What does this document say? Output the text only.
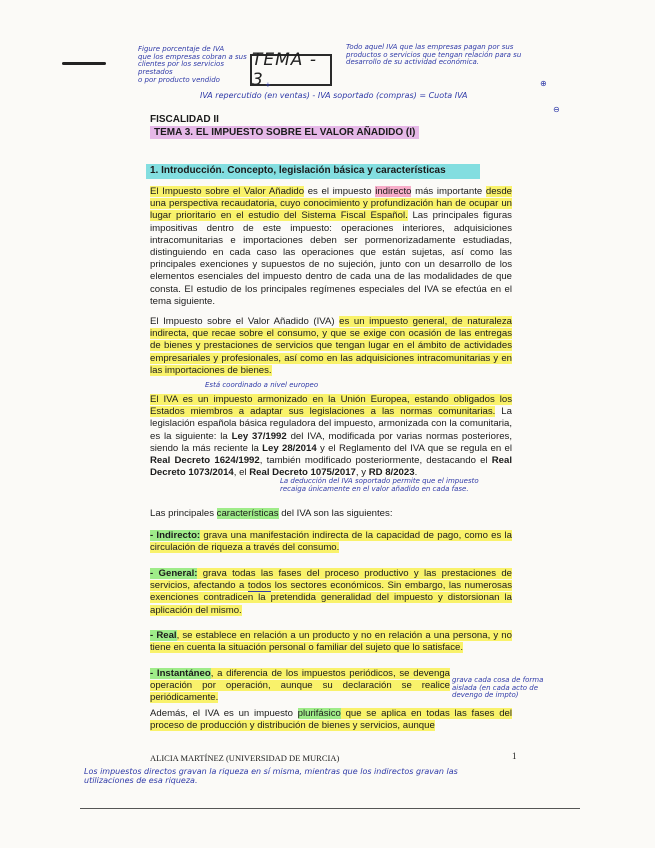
Figure porcentaje de IVA
que los empresas cobran a sus
clientes por los servicios prestados
o por producto vendido
TEMA - 3
Todo aquel IVA que las empresas pagan por sus
productos o servicios que tengan relación para su
desarrollo de su actividad económica.
+
IVA repercutido (en ventas) - IVA soportado (compras) = Cuota IVA
⊕
⊖
FISCALIDAD II
TEMA 3. EL IMPUESTO SOBRE EL VALOR AÑADIDO (I)
1. Introducción. Concepto, legislación básica y características

El Impuesto sobre el Valor Añadido es el impuesto indirecto más importante desde una perspectiva recaudatoria, cuyo conocimiento y profundización han de ocupar un lugar prioritario en el estudio del Sistema Fiscal Español. Las principales figuras impositivas dentro de este impuesto: operaciones interiores, adquisiciones intracomunitarias e importaciones deben ser pormenorizadamente estudiadas, distinguiendo en cada caso las operaciones que están sujetas, así como las principales exenciones y supuestos de no sujeción, junto con un desarrollo de los elementos esenciales del impuesto dentro de cada una de las modalidades de que consta. El estudio de los principales regímenes especiales del IVA se efectúa en el tema siguiente.

El Impuesto sobre el Valor Añadido (IVA) es un impuesto general, de naturaleza indirecta, que recae sobre el consumo, y que se exige con ocasión de las entregas de bienes y prestaciones de servicios que tengan lugar en el ámbito de actividades empresariales y profesionales, así como en las adquisiciones intracomunitarias y en las importaciones de bienes.

Está coordinado a nivel europeo

El IVA es un impuesto armonizado en la Unión Europea, estando obligados los Estados miembros a adaptar sus legislaciones a las normas comunitarias. La legislación española básica reguladora del impuesto, armonizada con la comunitaria, es la siguiente: la Ley 37/1992 del IVA, modificada por varias normas posteriores, siendo la más reciente la Ley 28/2014 y el Reglamento del IVA que se regula en el Real Decreto 1624/1992, también modificado posteriormente, destacando el Real Decreto 1073/2014, el Real Decreto 1075/2017, y RD 8/2023.

La deducción del IVA soportado permite que el impuesto
recaiga únicamente en el valor añadido en cada fase.

Las principales características del IVA son las siguientes:

- Indirecto: grava una manifestación indirecta de la capacidad de pago, como es la circulación de riqueza a través del consumo.

- General: grava todas las fases del proceso productivo y las prestaciones de servicios, afectando a todos los sectores económicos. Sin embargo, las numerosas exenciones contradicen la pretendida generalidad del impuesto y distorsionan la aplicación del mismo.

- Real, se establece en relación a un producto y no en relación a una persona, y no tiene en cuenta la situación personal o familiar del sujeto que lo satisface.

- Instantáneo, a diferencia de los impuestos periódicos, se devenga operación por operación, aunque su declaración se realice periódicamente.

grava cada cosa de forma
aislada (en cada acto de
devengo de impto)

Además, el IVA es un impuesto plurifásico que se aplica en todas las fases del proceso de producción y distribución de bienes y servicios, aunque

ALICIA MARTÍNEZ (UNIVERSIDAD DE MURCIA)	1
Los impuestos directos gravan la riqueza en sí misma, mientras que los indirectos gravan las
utilizaciones de esa riqueza.
